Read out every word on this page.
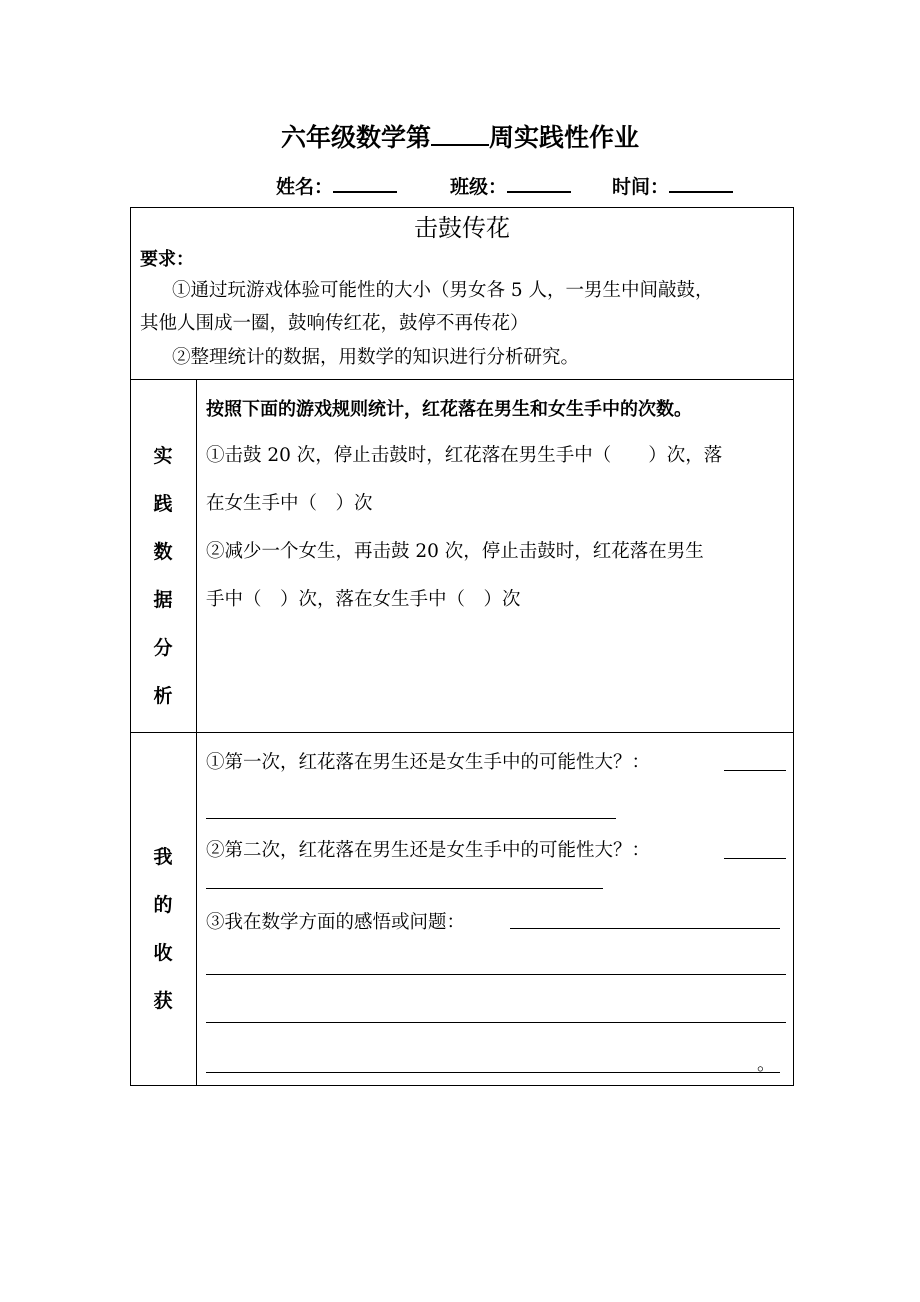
六年级数学第 周实践性作业
姓名：	班级：	时间：
击鼓传花
要求：
①通过玩游戏体验可能性的大小（男女各 5 人，一男生中间敲鼓，
其他人围成一圈，鼓响传红花，鼓停不再传花）
②整理统计的数据，用数学的知识进行分析研究。
实
践
数
据
分
析
按照下面的游戏规则统计，红花落在男生和女生手中的次数。
①击鼓 20 次，停止击鼓时，红花落在男生手中（　　）次，落
在女生手中（　）次
②减少一个女生，再击鼓 20 次，停止击鼓时，红花落在男生
手中（　）次，落在女生手中（　）次
我
的
收
获
①第一次，红花落在男生还是女生手中的可能性大？：
②第二次，红花落在男生还是女生手中的可能性大？：
③我在数学方面的感悟或问题：
。
